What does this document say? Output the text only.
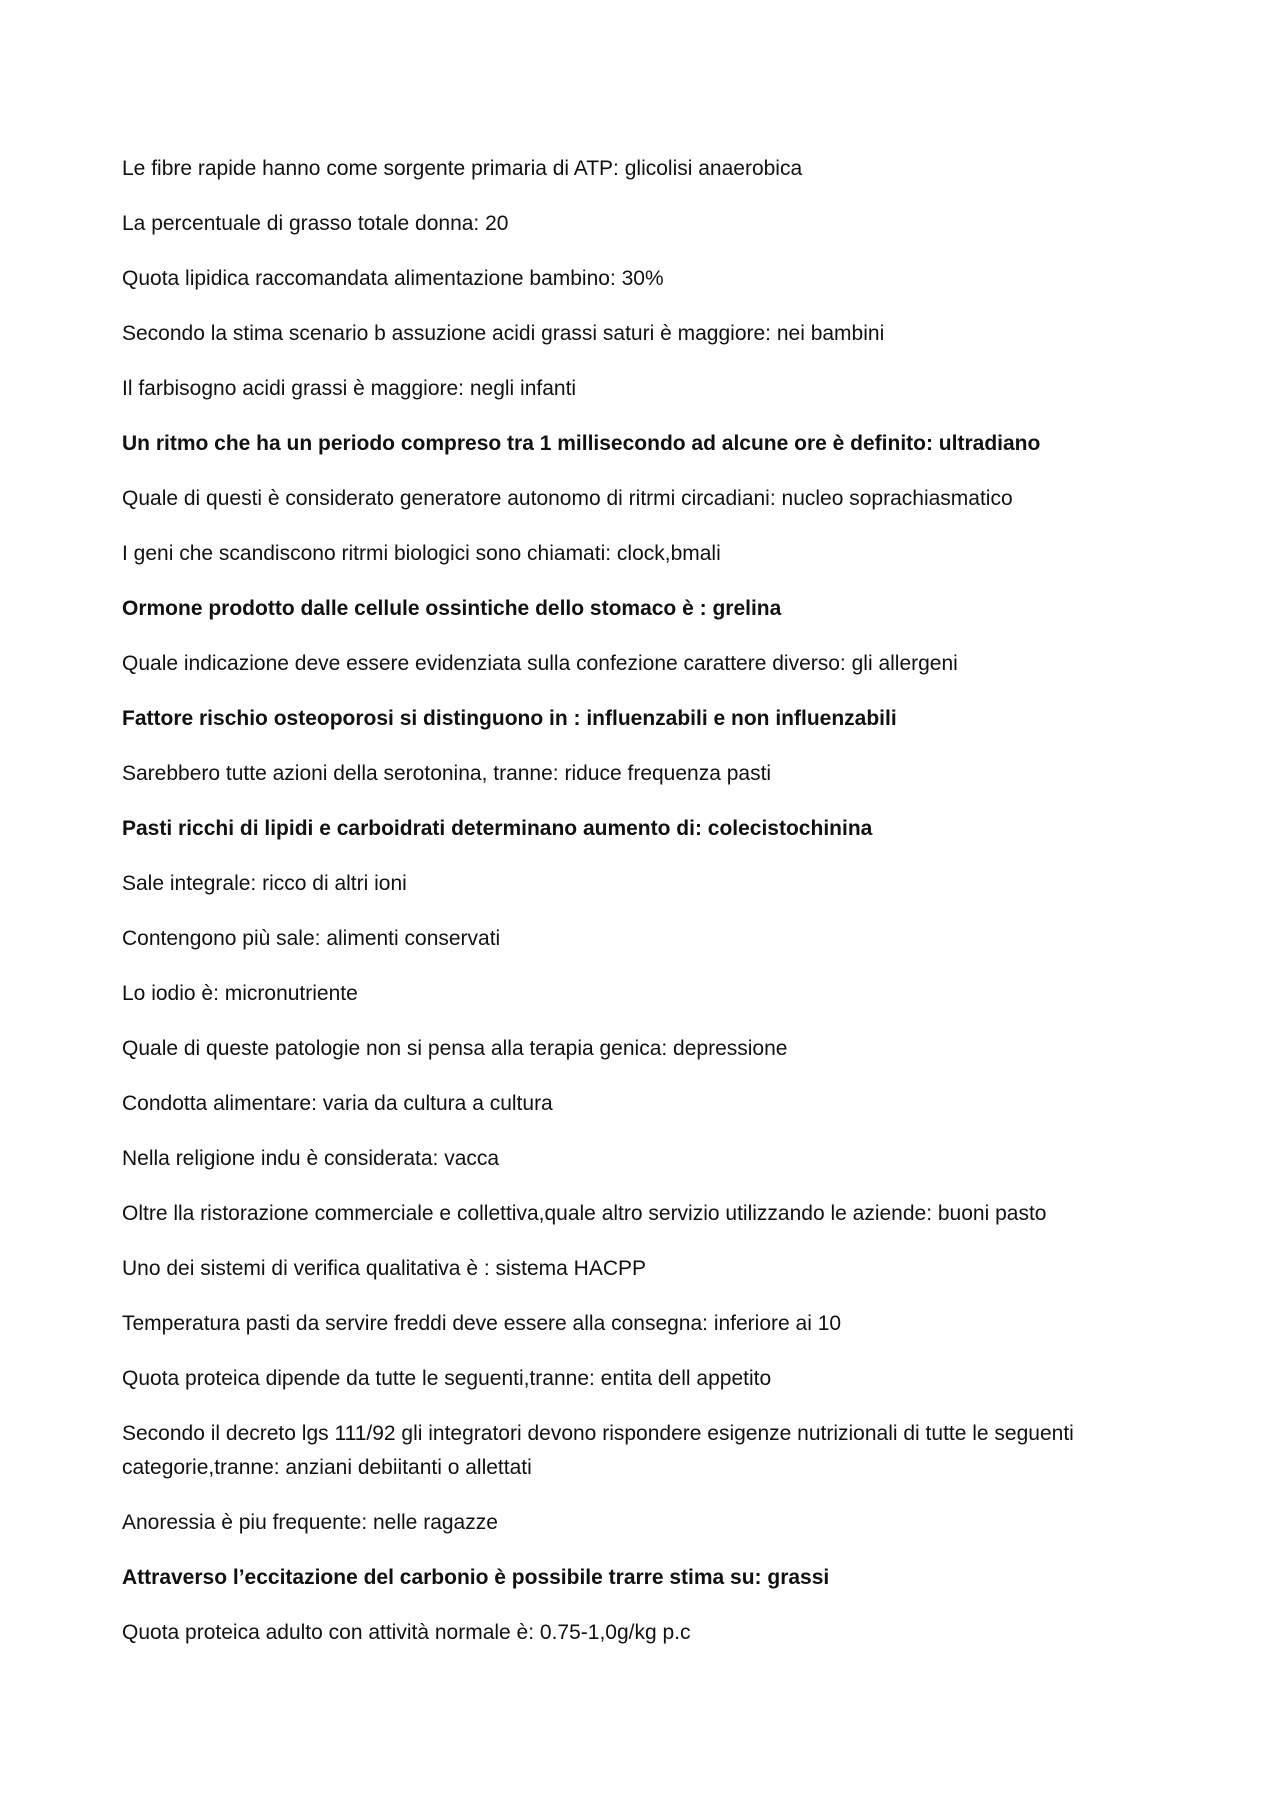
Le fibre rapide hanno come sorgente primaria di ATP: glicolisi anaerobica

La percentuale di grasso totale donna: 20

Quota lipidica raccomandata alimentazione bambino: 30%

Secondo la stima scenario b assuzione acidi grassi saturi è maggiore: nei bambini

Il farbisogno acidi grassi è maggiore: negli infanti

Un ritmo che ha un periodo compreso tra 1 millisecondo ad alcune ore è definito: ultradiano

Quale di questi è considerato generatore autonomo di ritrmi circadiani: nucleo soprachiasmatico

I geni che scandiscono ritrmi biologici sono chiamati: clock,bmali

Ormone prodotto dalle cellule ossintiche dello stomaco è : grelina

Quale indicazione deve essere evidenziata sulla confezione carattere diverso: gli allergeni

Fattore rischio osteoporosi si distinguono in : influenzabili e non influenzabili

Sarebbero tutte azioni della serotonina, tranne: riduce frequenza pasti

Pasti ricchi di lipidi e carboidrati determinano aumento di: colecistochinina

Sale integrale: ricco di altri ioni

Contengono più sale: alimenti conservati

Lo iodio è: micronutriente

Quale di queste patologie non si pensa alla terapia genica: depressione

Condotta alimentare: varia da cultura a cultura

Nella religione indu è considerata: vacca

Oltre lla ristorazione commerciale e collettiva,quale altro servizio utilizzando le aziende: buoni pasto

Uno dei sistemi di verifica qualitativa è : sistema HACPP

Temperatura pasti da servire freddi deve essere alla consegna: inferiore ai 10

Quota proteica dipende da tutte le seguenti,tranne: entita dell appetito

Secondo il decreto lgs 111/92 gli integratori devono rispondere esigenze nutrizionali di tutte le seguenti categorie,tranne: anziani debiitanti o allettati

Anoressia è piu frequente: nelle ragazze

Attraverso l’eccitazione del carbonio è possibile trarre stima su: grassi

Quota proteica adulto con attività normale è: 0.75-1,0g/kg p.c
